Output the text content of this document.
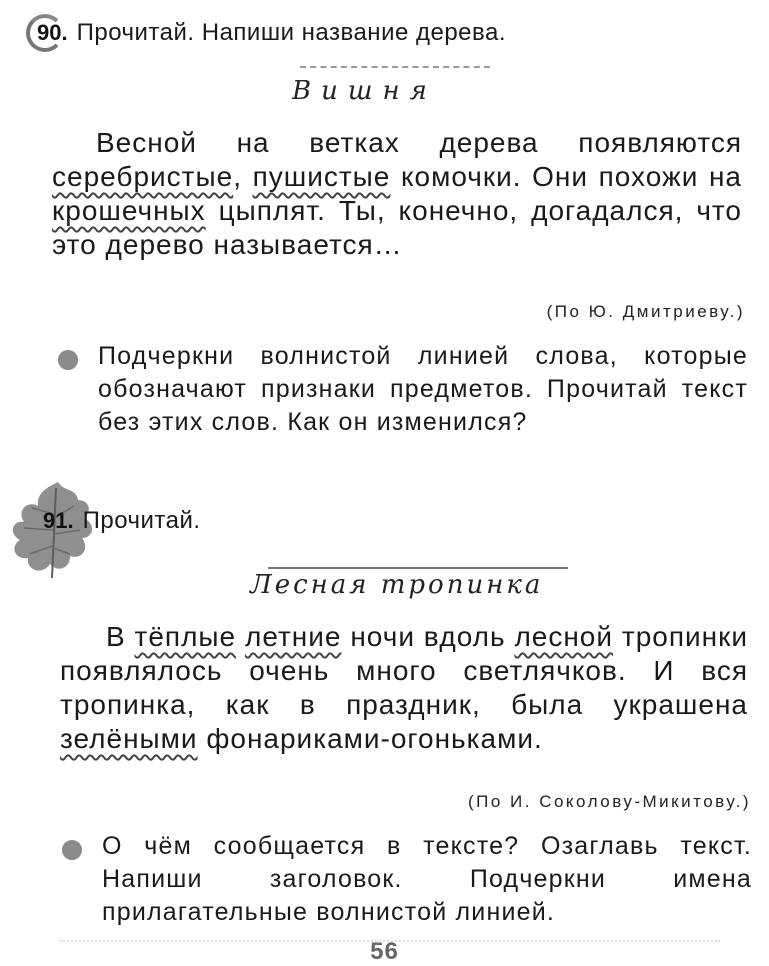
90. Прочитай. Напиши название дерева.
Вишня

Весной на ветках дерева появляются серебристые, пушистые комочки. Они похожи на крошечных цыплят. Ты, конечно, догадался, что это дерево называется…

(По Ю. Дмитриеву.)
Подчеркни волнистой линией слова, которые обозначают признаки предметов. Прочитай текст без этих слов. Как он изменился?
91. Прочитай.
Лесная тропинка

В тёплые летние ночи вдоль лесной тропинки появлялось очень много светлячков. И вся тропинка, как в праздник, была украшена зелёными фонариками-огоньками.

(По И. Соколову-Микитову.)
О чём сообщается в тексте? Озаглавь текст. Напиши заголовок. Подчеркни имена прилагательные волнистой линией.
56
